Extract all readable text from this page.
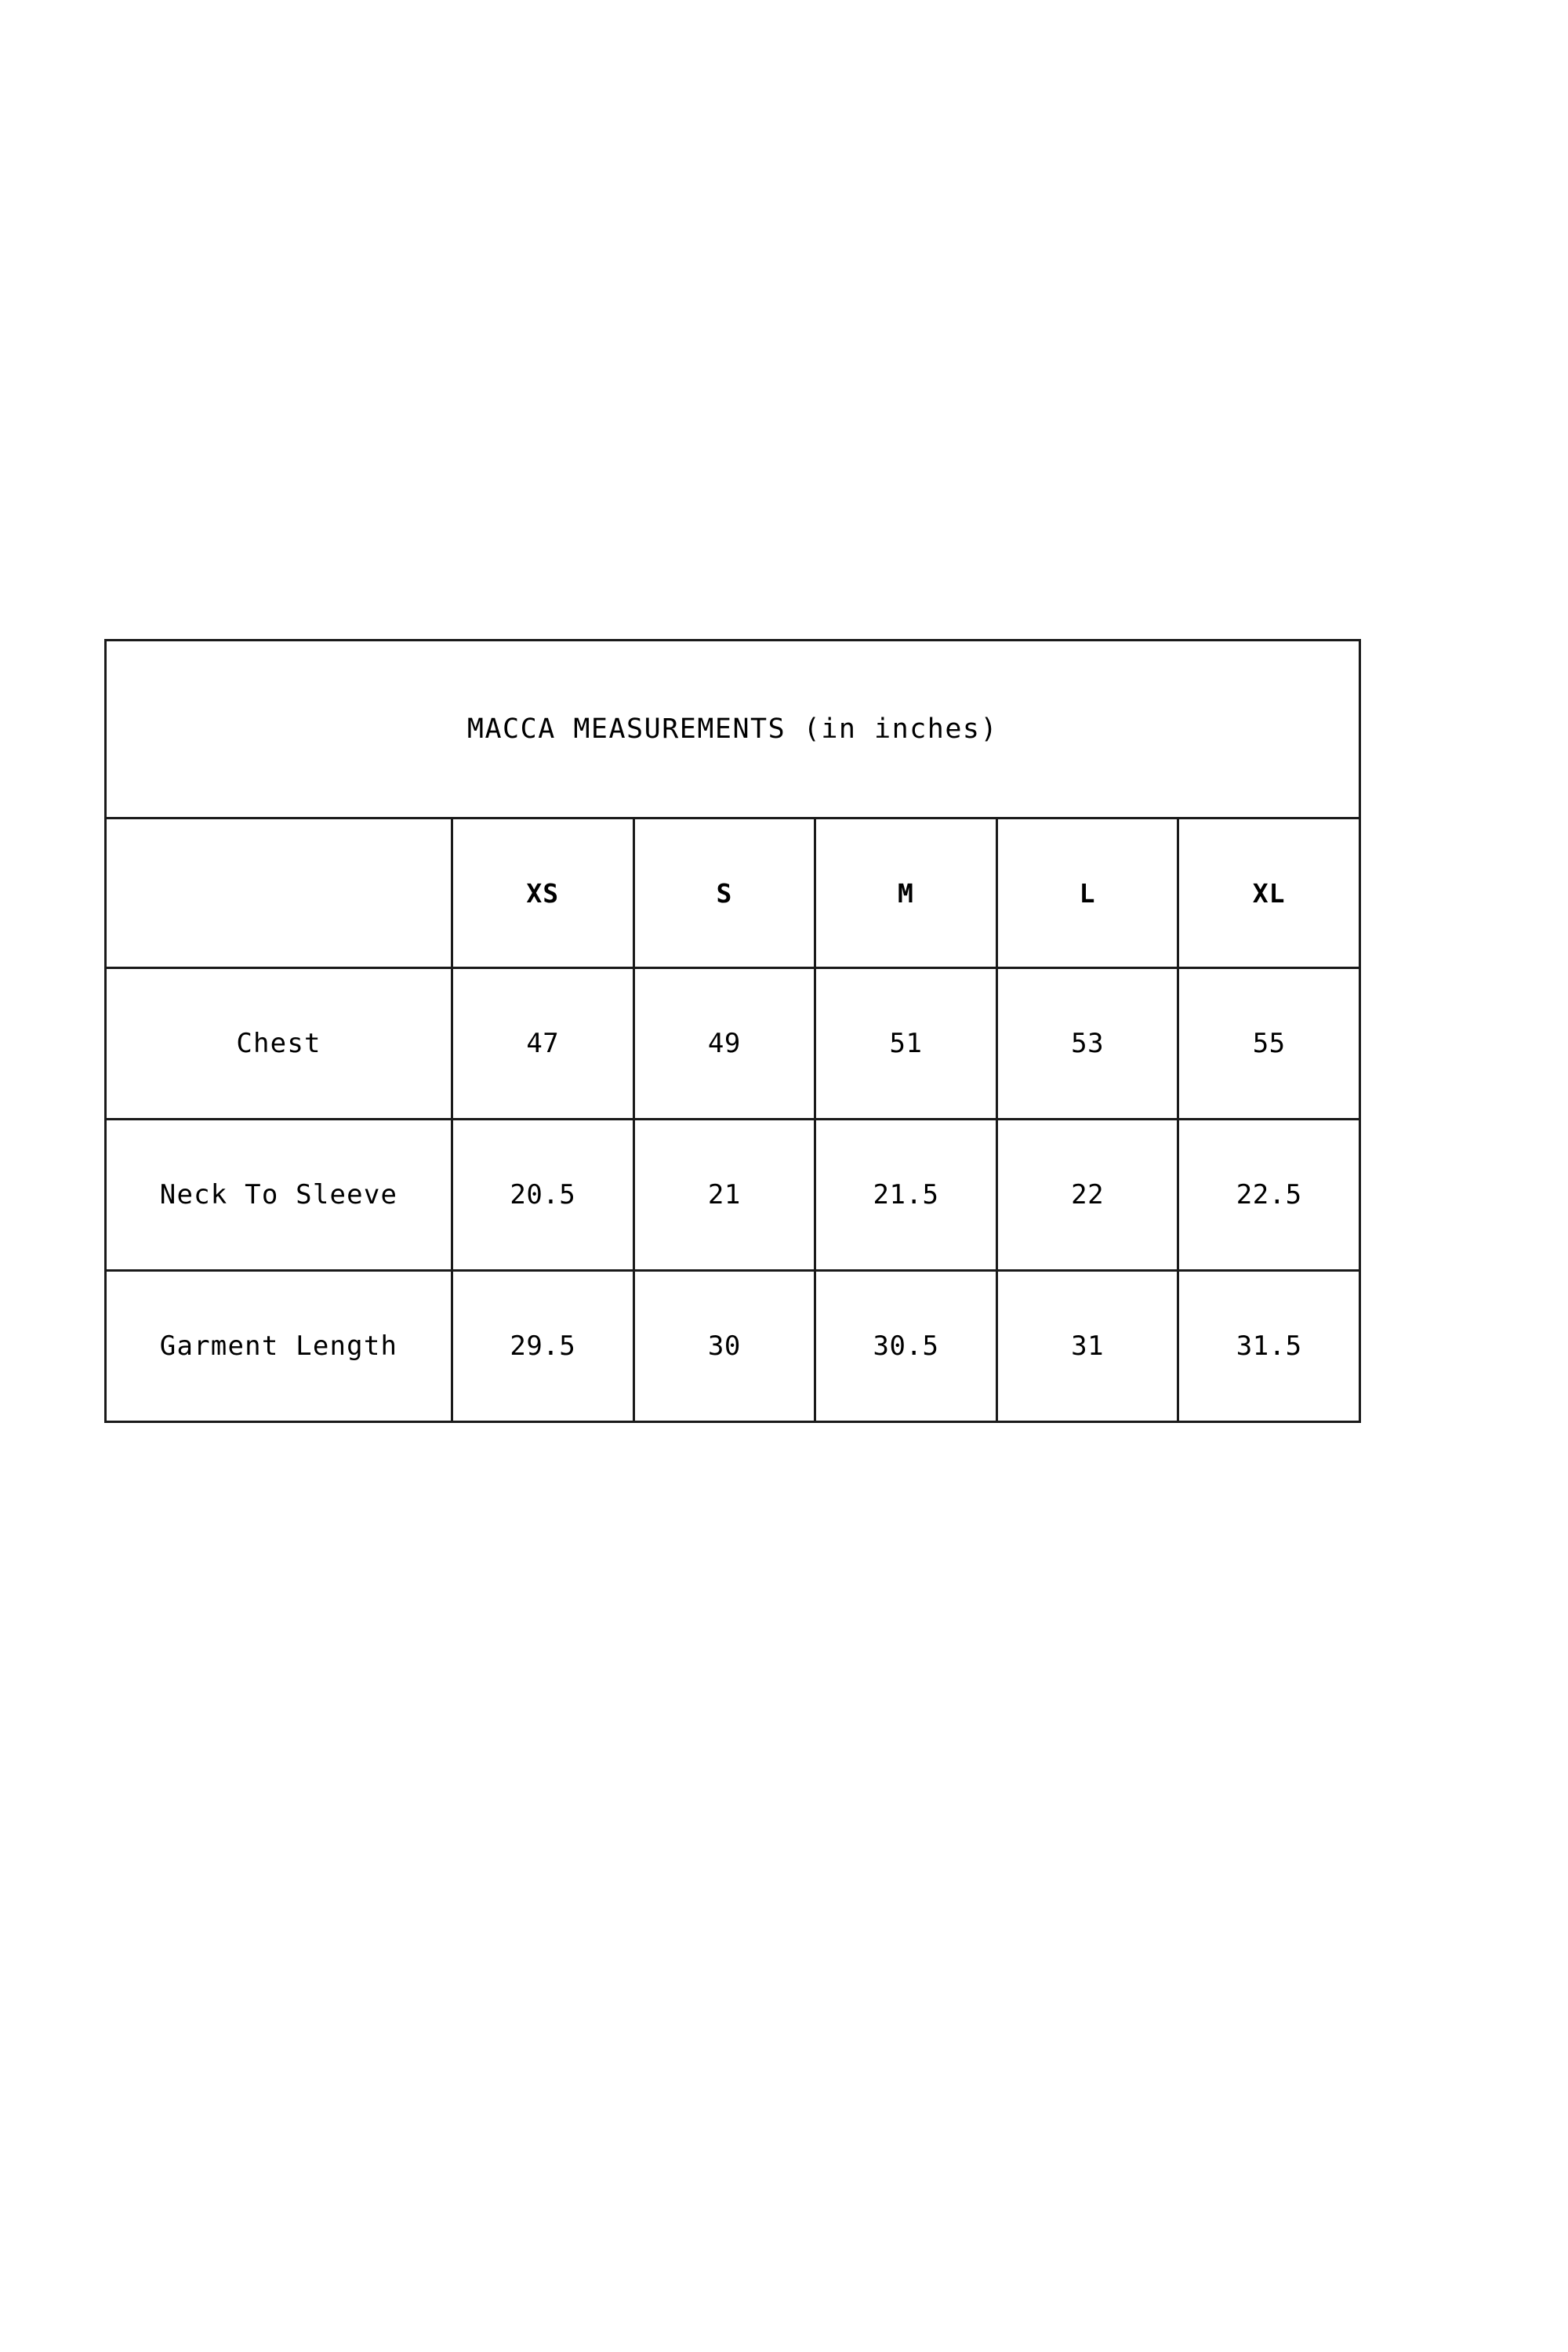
MACCA MEASUREMENTS (in inches)					
	XS	S	M	L	XL
Chest	47	49	51	53	55
Neck To Sleeve	20.5	21	21.5	22	22.5
Garment Length	29.5	30	30.5	31	31.5
